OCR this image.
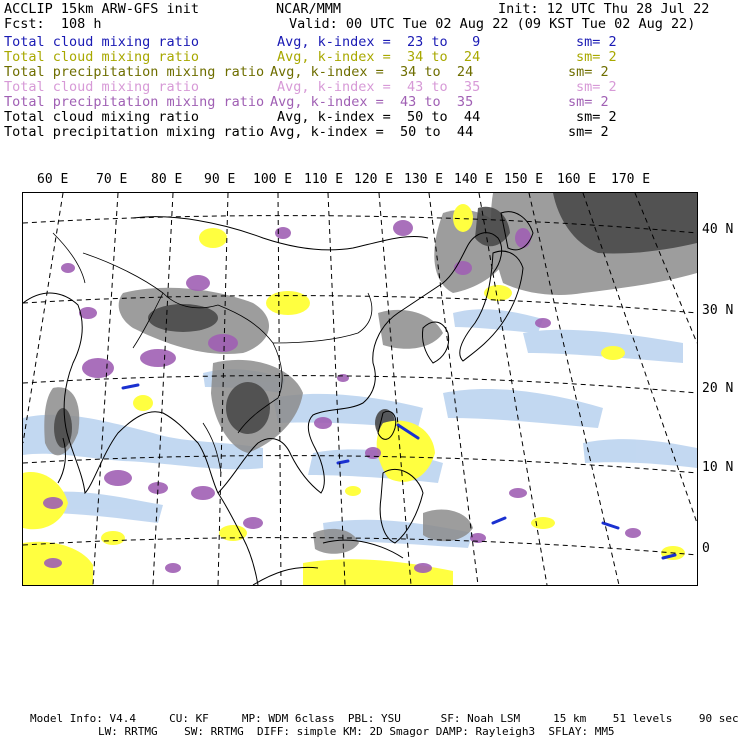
ACCLIP 15km ARW-GFS init	NCAR/MMM	Init: 12 UTC Thu 28 Jul 22
Fcst:  108 h	Valid: 00 UTC Tue 02 Aug 22 (09 KST Tue 02 Aug 22)
Total cloud mixing ratio	Avg, k-index =  23 to   9	sm= 2
Total cloud mixing ratio	Avg, k-index =  34 to  24	sm= 2
Total precipitation mixing ratio Avg, k-index =  34 to  24	sm= 2
Total cloud mixing ratio	Avg, k-index =  43 to  35	sm= 2
Total precipitation mixing ratio Avg, k-index =  43 to  35	sm= 2
Total cloud mixing ratio	Avg, k-index =  50 to  44	sm= 2
Total precipitation mixing ratio Avg, k-index =  50 to  44	sm= 2
60 E 70 E 80 E 90 E 100 E 110 E 120 E 130 E 140 E 150 E 160 E 170 E
40 N
30 N
20 N
10 N
0
Model Info: V4.4     CU: KF     MP: WDM 6class  PBL: YSU      SF: Noah LSM     15 km    51 levels    90 sec
LW: RRTMG    SW: RRTMG  DIFF: simple KM: 2D Smagor DAMP: Rayleigh3  SFLAY: MM5
